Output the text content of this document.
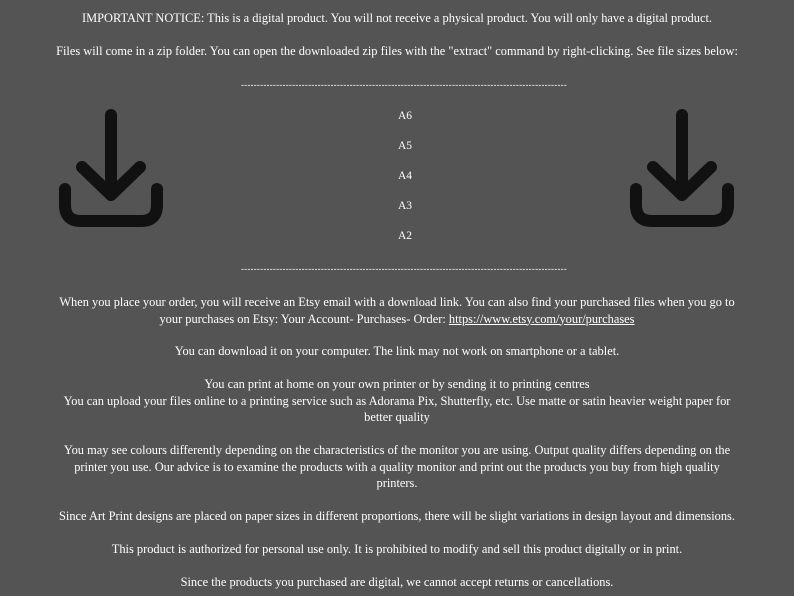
IMPORTANT NOTICE: This is a digital product. You will not receive a physical product. You will only have a digital product.

Files will come in a zip folder. You can open the downloaded zip files with the "extract" command by right-clicking. See file sizes below:

------------------------------------------------------------------------------------------------------
A6
A5
A4
A3
A2
------------------------------------------------------------------------------------------------------

When you place your order, you will receive an Etsy email with a download link. You can also find your purchased files when you go to
your purchases on Etsy: Your Account- Purchases- Order: https://www.etsy.com/your/purchases

You can download it on your computer. The link may not work on smartphone or a tablet.

You can print at home on your own printer or by sending it to printing centres
You can upload your files online to a printing service such as Adorama Pix, Shutterfly, etc. Use matte or satin heavier weight paper for
better quality

You may see colours differently depending on the characteristics of the monitor you are using. Output quality differs depending on the
printer you use. Our advice is to examine the products with a quality monitor and print out the products you buy from high quality
printers.

Since Art Print designs are placed on paper sizes in different proportions, there will be slight variations in design layout and dimensions.

This product is authorized for personal use only. It is prohibited to modify and sell this product digitally or in print.

Since the products you purchased are digital, we cannot accept returns or cancellations.
